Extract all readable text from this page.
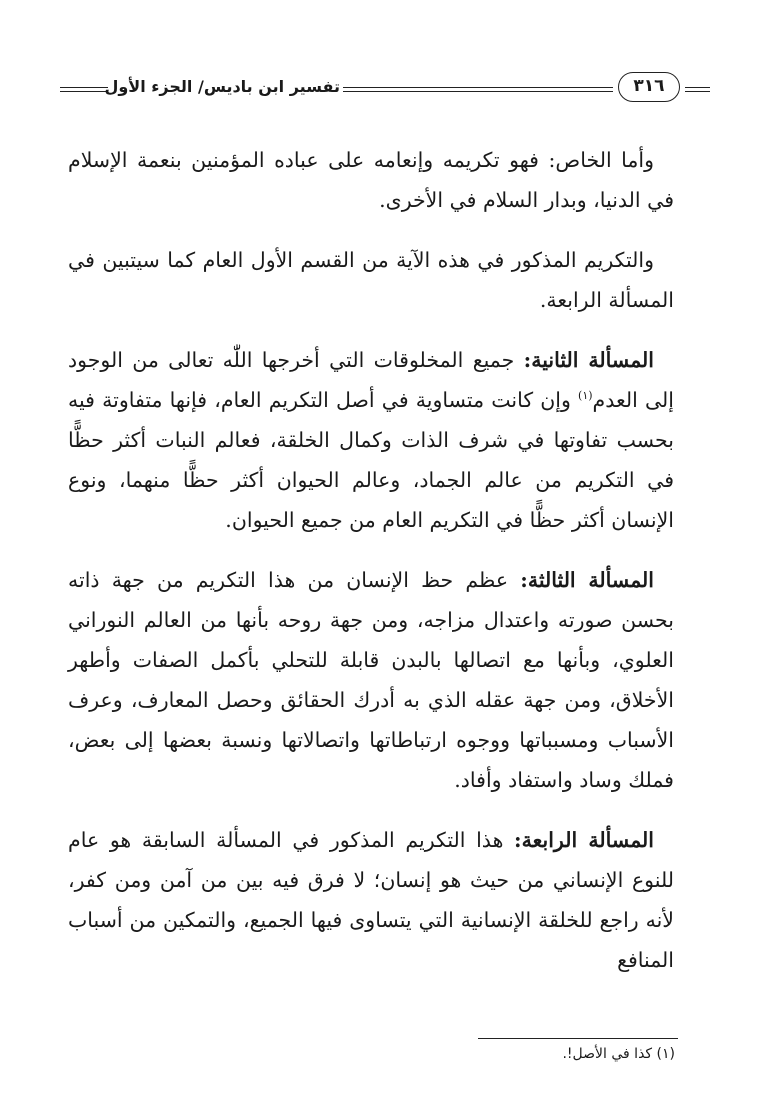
تفسير ابن باديس/ الجزء الأول	٣١٦

وأما الخاص: فهو تكريمه وإنعامه على عباده المؤمنين بنعمة الإسلام في الدنيا، وبدار السلام في الأخرى.

والتكريم المذكور في هذه الآية من القسم الأول العام كما سيتبين في المسألة الرابعة.

المسألة الثانية: جميع المخلوقات التي أخرجها اللّٰه تعالى من الوجود إلى العدم$^{(١)}$ وإن كانت متساوية في أصل التكريم العام، فإنها متفاوتة فيه بحسب تفاوتها في شرف الذات وكمال الخلقة، فعالم النبات أكثر حظًّا في التكريم من عالم الجماد، وعالم الحيوان أكثر حظًّا منهما، ونوع الإنسان أكثر حظًّا في التكريم العام من جميع الحيوان.

المسألة الثالثة: عظم حظ الإنسان من هذا التكريم من جهة ذاته بحسن صورته واعتدال مزاجه، ومن جهة روحه بأنها من العالم النوراني العلوي، وبأنها مع اتصالها بالبدن قابلة للتحلي بأكمل الصفات وأطهر الأخلاق، ومن جهة عقله الذي به أدرك الحقائق وحصل المعارف، وعرف الأسباب ومسبباتها ووجوه ارتباطاتها واتصالاتها ونسبة بعضها إلى بعض، فملك وساد واستفاد وأفاد.

المسألة الرابعة: هذا التكريم المذكور في المسألة السابقة هو عام للنوع الإنساني من حيث هو إنسان؛ لا فرق فيه بين من آمن ومن كفر، لأنه راجع للخلقة الإنسانية التي يتساوى فيها الجميع، والتمكين من أسباب المنافع

(١) كذا في الأصل!.
